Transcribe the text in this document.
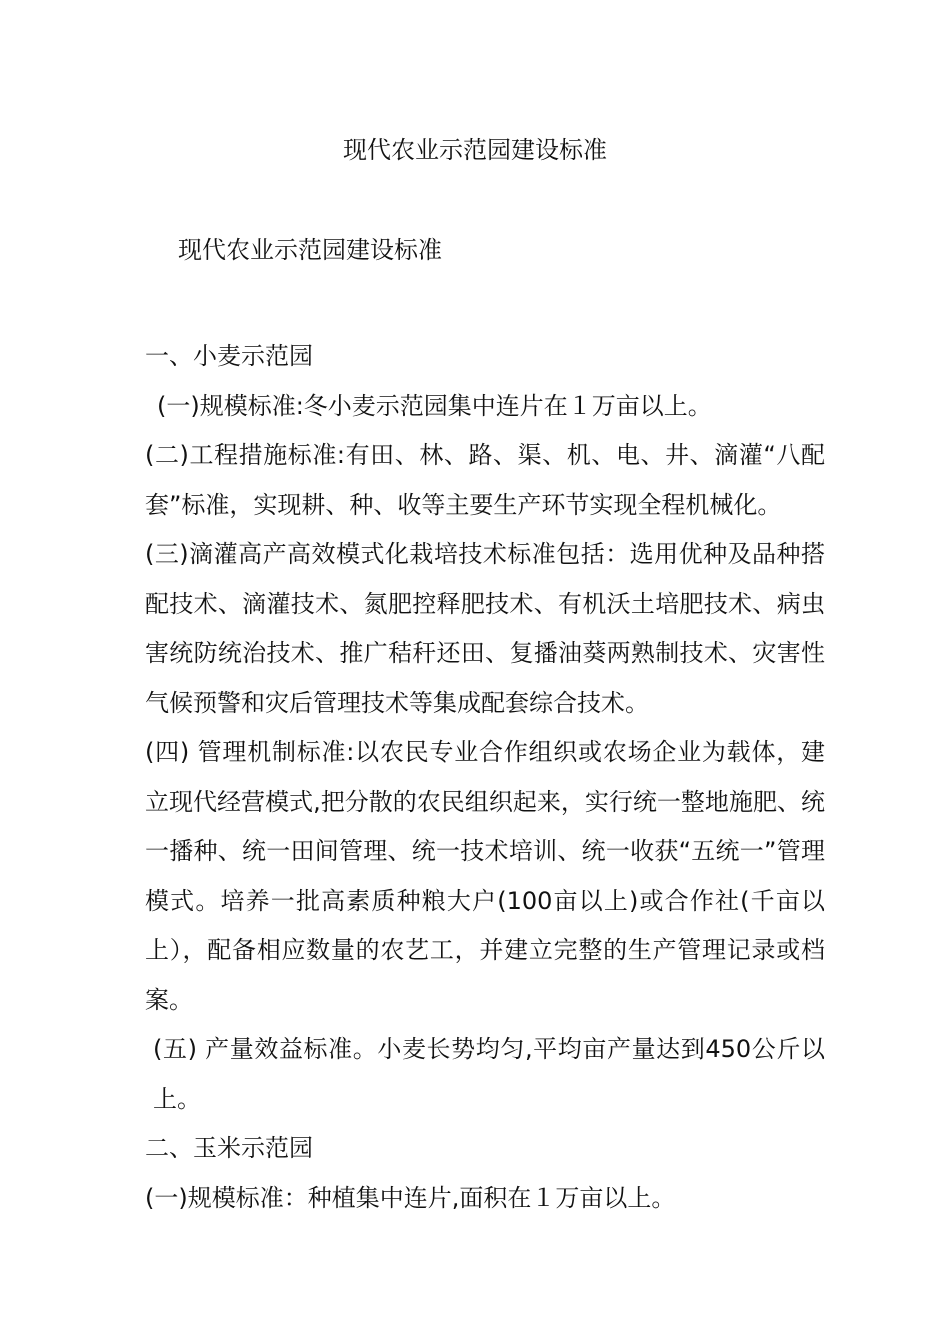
现代农业示范园建设标准
现代农业示范园建设标准

一、小麦示范园

(一)规模标准:冬小麦示范园集中连片在１万亩以上。

(二)工程措施标准:有田、林、路、渠、机、电、井、滴灌“八配套”标准，实现耕、种、收等主要生产环节实现全程机械化。

(三)滴灌高产高效模式化栽培技术标准包括：选用优种及品种搭配技术、滴灌技术、氮肥控释肥技术、有机沃土培肥技术、病虫害统防统治技术、推广秸秆还田、复播油葵两熟制技术、灾害性气候预警和灾后管理技术等集成配套综合技术。

(四) 管理机制标准:以农民专业合作组织或农场企业为载体，建立现代经营模式,把分散的农民组织起来，实行统一整地施肥、统一播种、统一田间管理、统一技术培训、统一收获“五统一”管理模式。培养一批高素质种粮大户(100亩以上)或合作社(千亩以上），配备相应数量的农艺工，并建立完整的生产管理记录或档案。

(五) 产量效益标准。小麦长势均匀,平均亩产量达到450公斤以上。

二、玉米示范园

(一)规模标准：种植集中连片,面积在１万亩以上。
